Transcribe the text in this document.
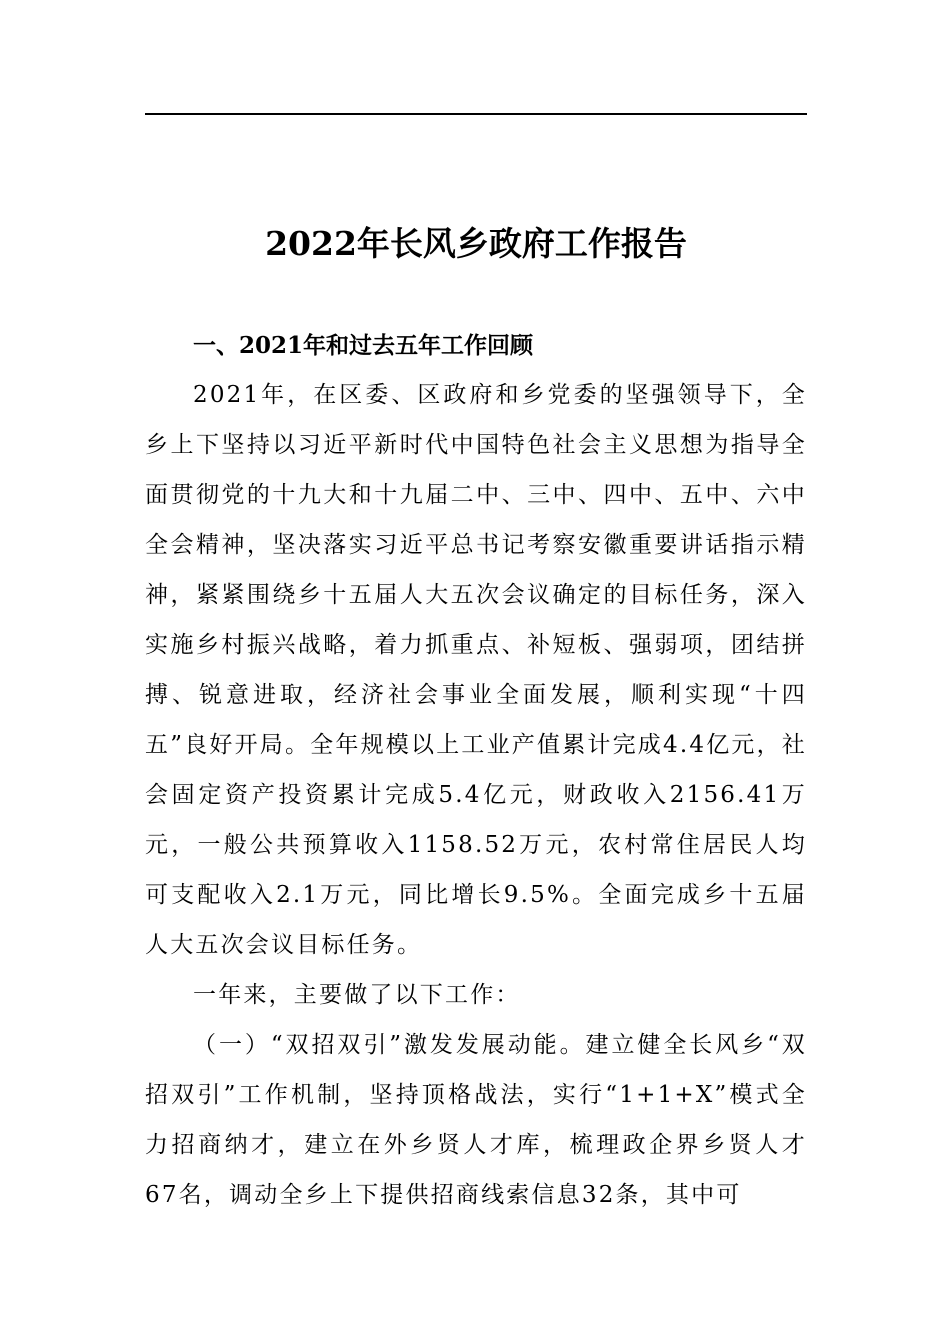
2022年长风乡政府工作报告

一、2021年和过去五年工作回顾

2021年，在区委、区政府和乡党委的坚强领导下，全乡上下坚持以习近平新时代中国特色社会主义思想为指导全面贯彻党的十九大和十九届二中、三中、四中、五中、六中全会精神，坚决落实习近平总书记考察安徽重要讲话指示精神，紧紧围绕乡十五届人大五次会议确定的目标任务，深入实施乡村振兴战略，着力抓重点、补短板、强弱项，团结拼搏、锐意进取，经济社会事业全面发展，顺利实现“十四五”良好开局。全年规模以上工业产值累计完成4.4亿元，社会固定资产投资累计完成5.4亿元，财政收入2156.41万元，一般公共预算收入1158.52万元，农村常住居民人均可支配收入2.1万元，同比增长9.5%。全面完成乡十五届人大五次会议目标任务。

一年来，主要做了以下工作：

（一）“双招双引”激发发展动能。建立健全长风乡“双招双引”工作机制，坚持顶格战法，实行“1+1+X”模式全力招商纳才，建立在外乡贤人才库，梳理政企界乡贤人才67名，调动全乡上下提供招商线索信息32条，其中可
